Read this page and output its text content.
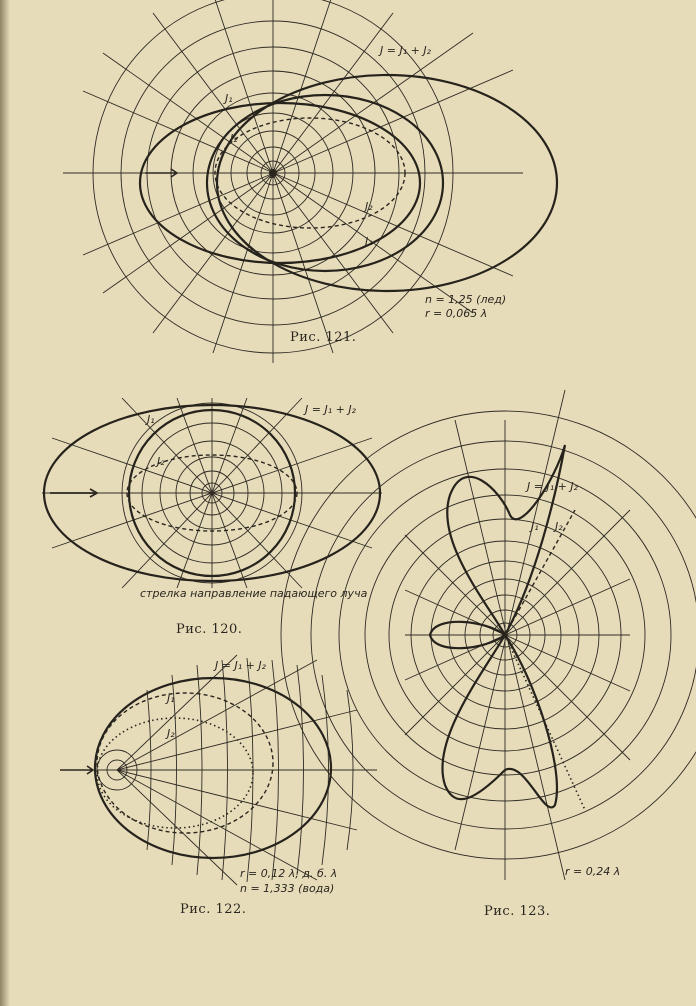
J = J₁ + J₂
J₁
J₂
J₂
J₁
1
n = 1,25 (лед)
r = 0,065 λ
Рис. 121.
J = J₁ + J₂
J₁
J₂
стрелка направление падающего луча
Рис. 120.
J = J₁ + J₂
J₁
J₂
r = 0,12 λ; д. б. λ
n = 1,333 (вода)
Рис. 122.
J = J₁ + J₂
J₁ J₂
r = 0,24 λ
Рис. 123.
